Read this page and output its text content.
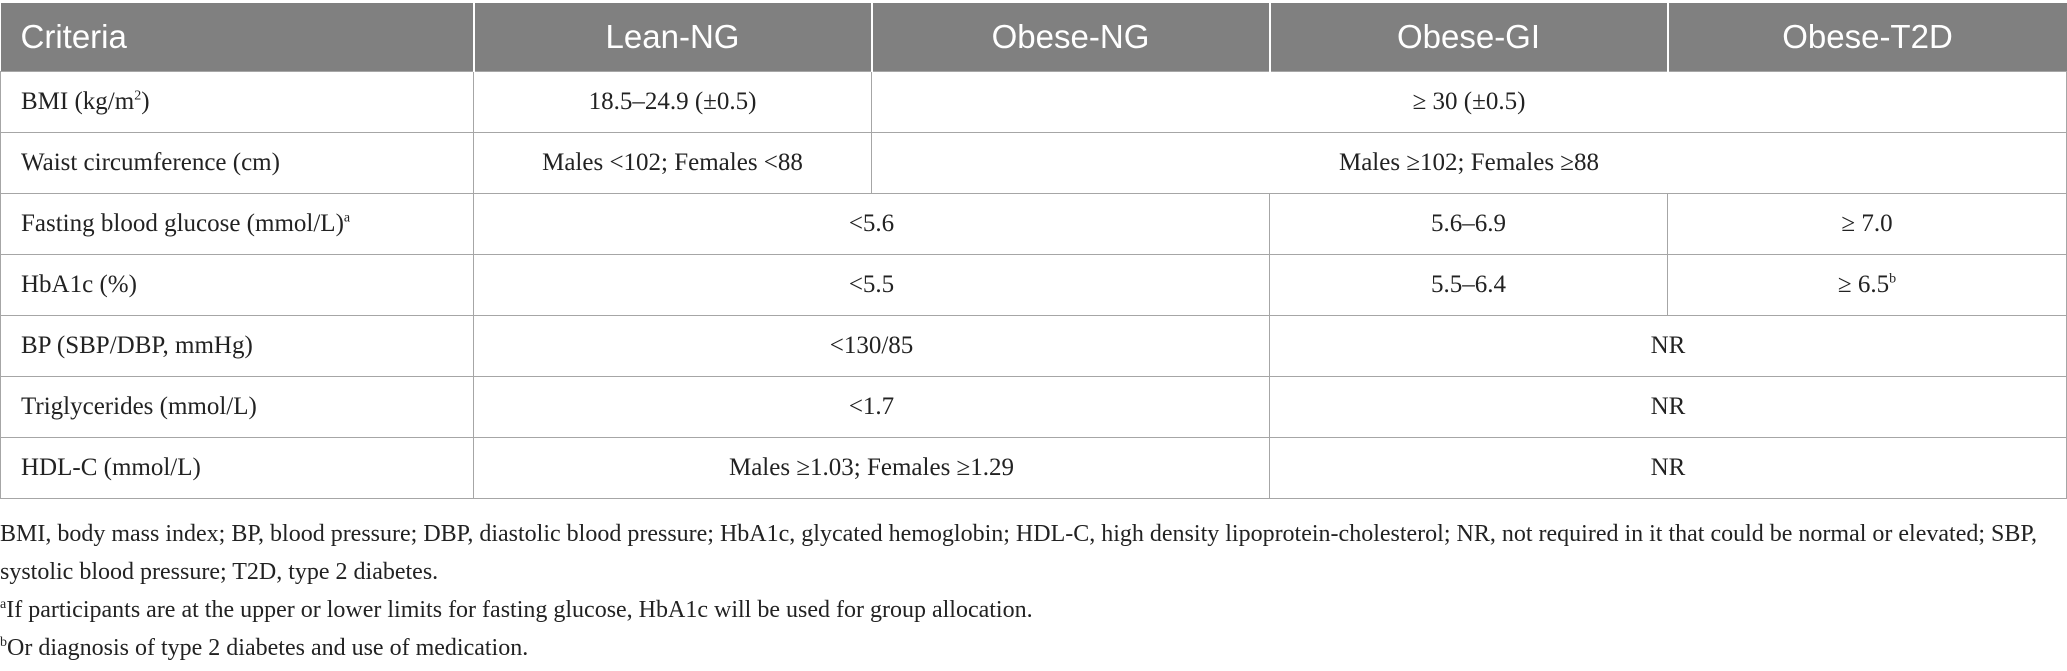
Criteria	Lean-NG	Obese-NG	Obese-GI	Obese-T2D
BMI $(kg/m^2)$	18.5–24.9 (±0.5)	≥ 30 (±0.5)		
Waist circumference (cm)	Males <102; Females <88	Males ≥102; Females ≥88		
Fasting blood glucose (mmol/L)$^a$	<5.6		5.6–6.9	≥ 7.0
HbA1c (%)	<5.5		5.5–6.4	≥ 6.5$^b$
BP (SBP/DBP, mmHg)	<130/85		NR	
Triglycerides (mmol/L)	<1.7		NR	
HDL-C (mmol/L)	Males ≥1.03; Females ≥1.29		NR	

BMI, body mass index; BP, blood pressure; DBP, diastolic blood pressure; HbA1c, glycated hemoglobin; HDL-C, high density lipoprotein-cholesterol; NR, not required in it that could be normal or elevated; SBP, systolic blood pressure; T2D, type 2 diabetes.

$^a$If participants are at the upper or lower limits for fasting glucose, HbA1c will be used for group allocation.

$^b$Or diagnosis of type 2 diabetes and use of medication.
